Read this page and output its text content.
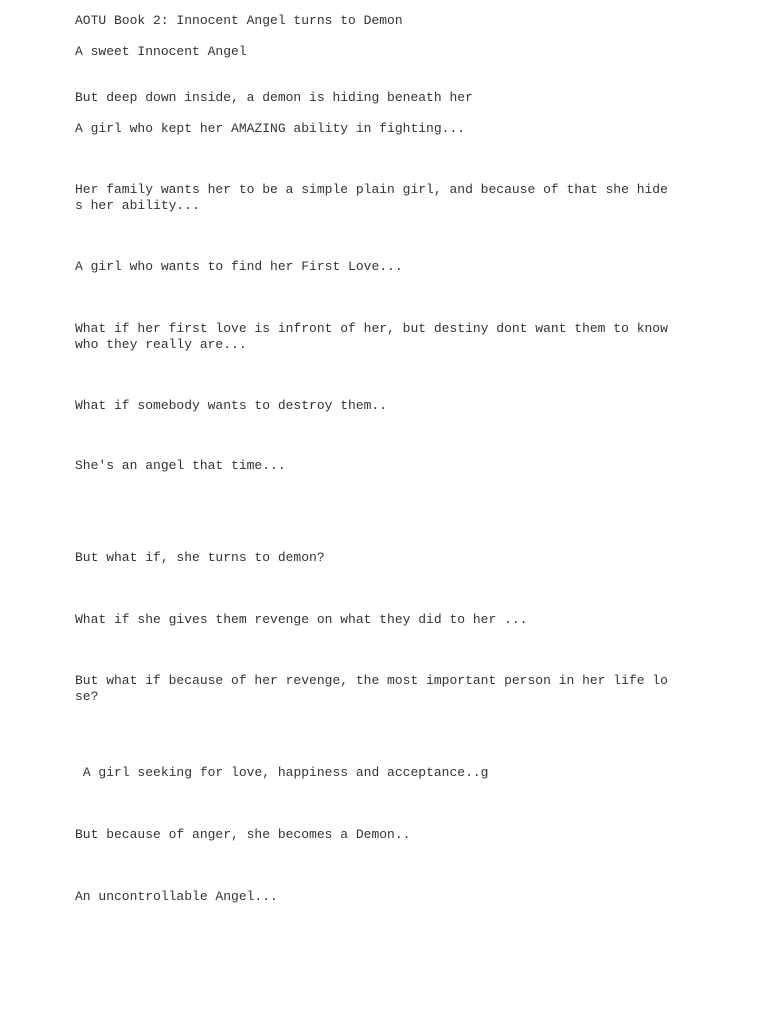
AOTU Book 2: Innocent Angel turns to Demon

A sweet Innocent Angel

But deep down inside, a demon is hiding beneath her

A girl who kept her AMAZING ability in fighting...

Her family wants her to be a simple plain girl, and because of that she hides her ability...

A girl who wants to find her First Love...

What if her first love is infront of her, but destiny dont want them to know who they really are...

What if somebody wants to destroy them..

She's an angel that time...

But what if, she turns to demon?

What if she gives them revenge on what they did to her ...

But what if because of her revenge, the most important person in her life lose?

A girl seeking for love, happiness and acceptance..g

But because of anger, she becomes a Demon..

An uncontrollable Angel...
